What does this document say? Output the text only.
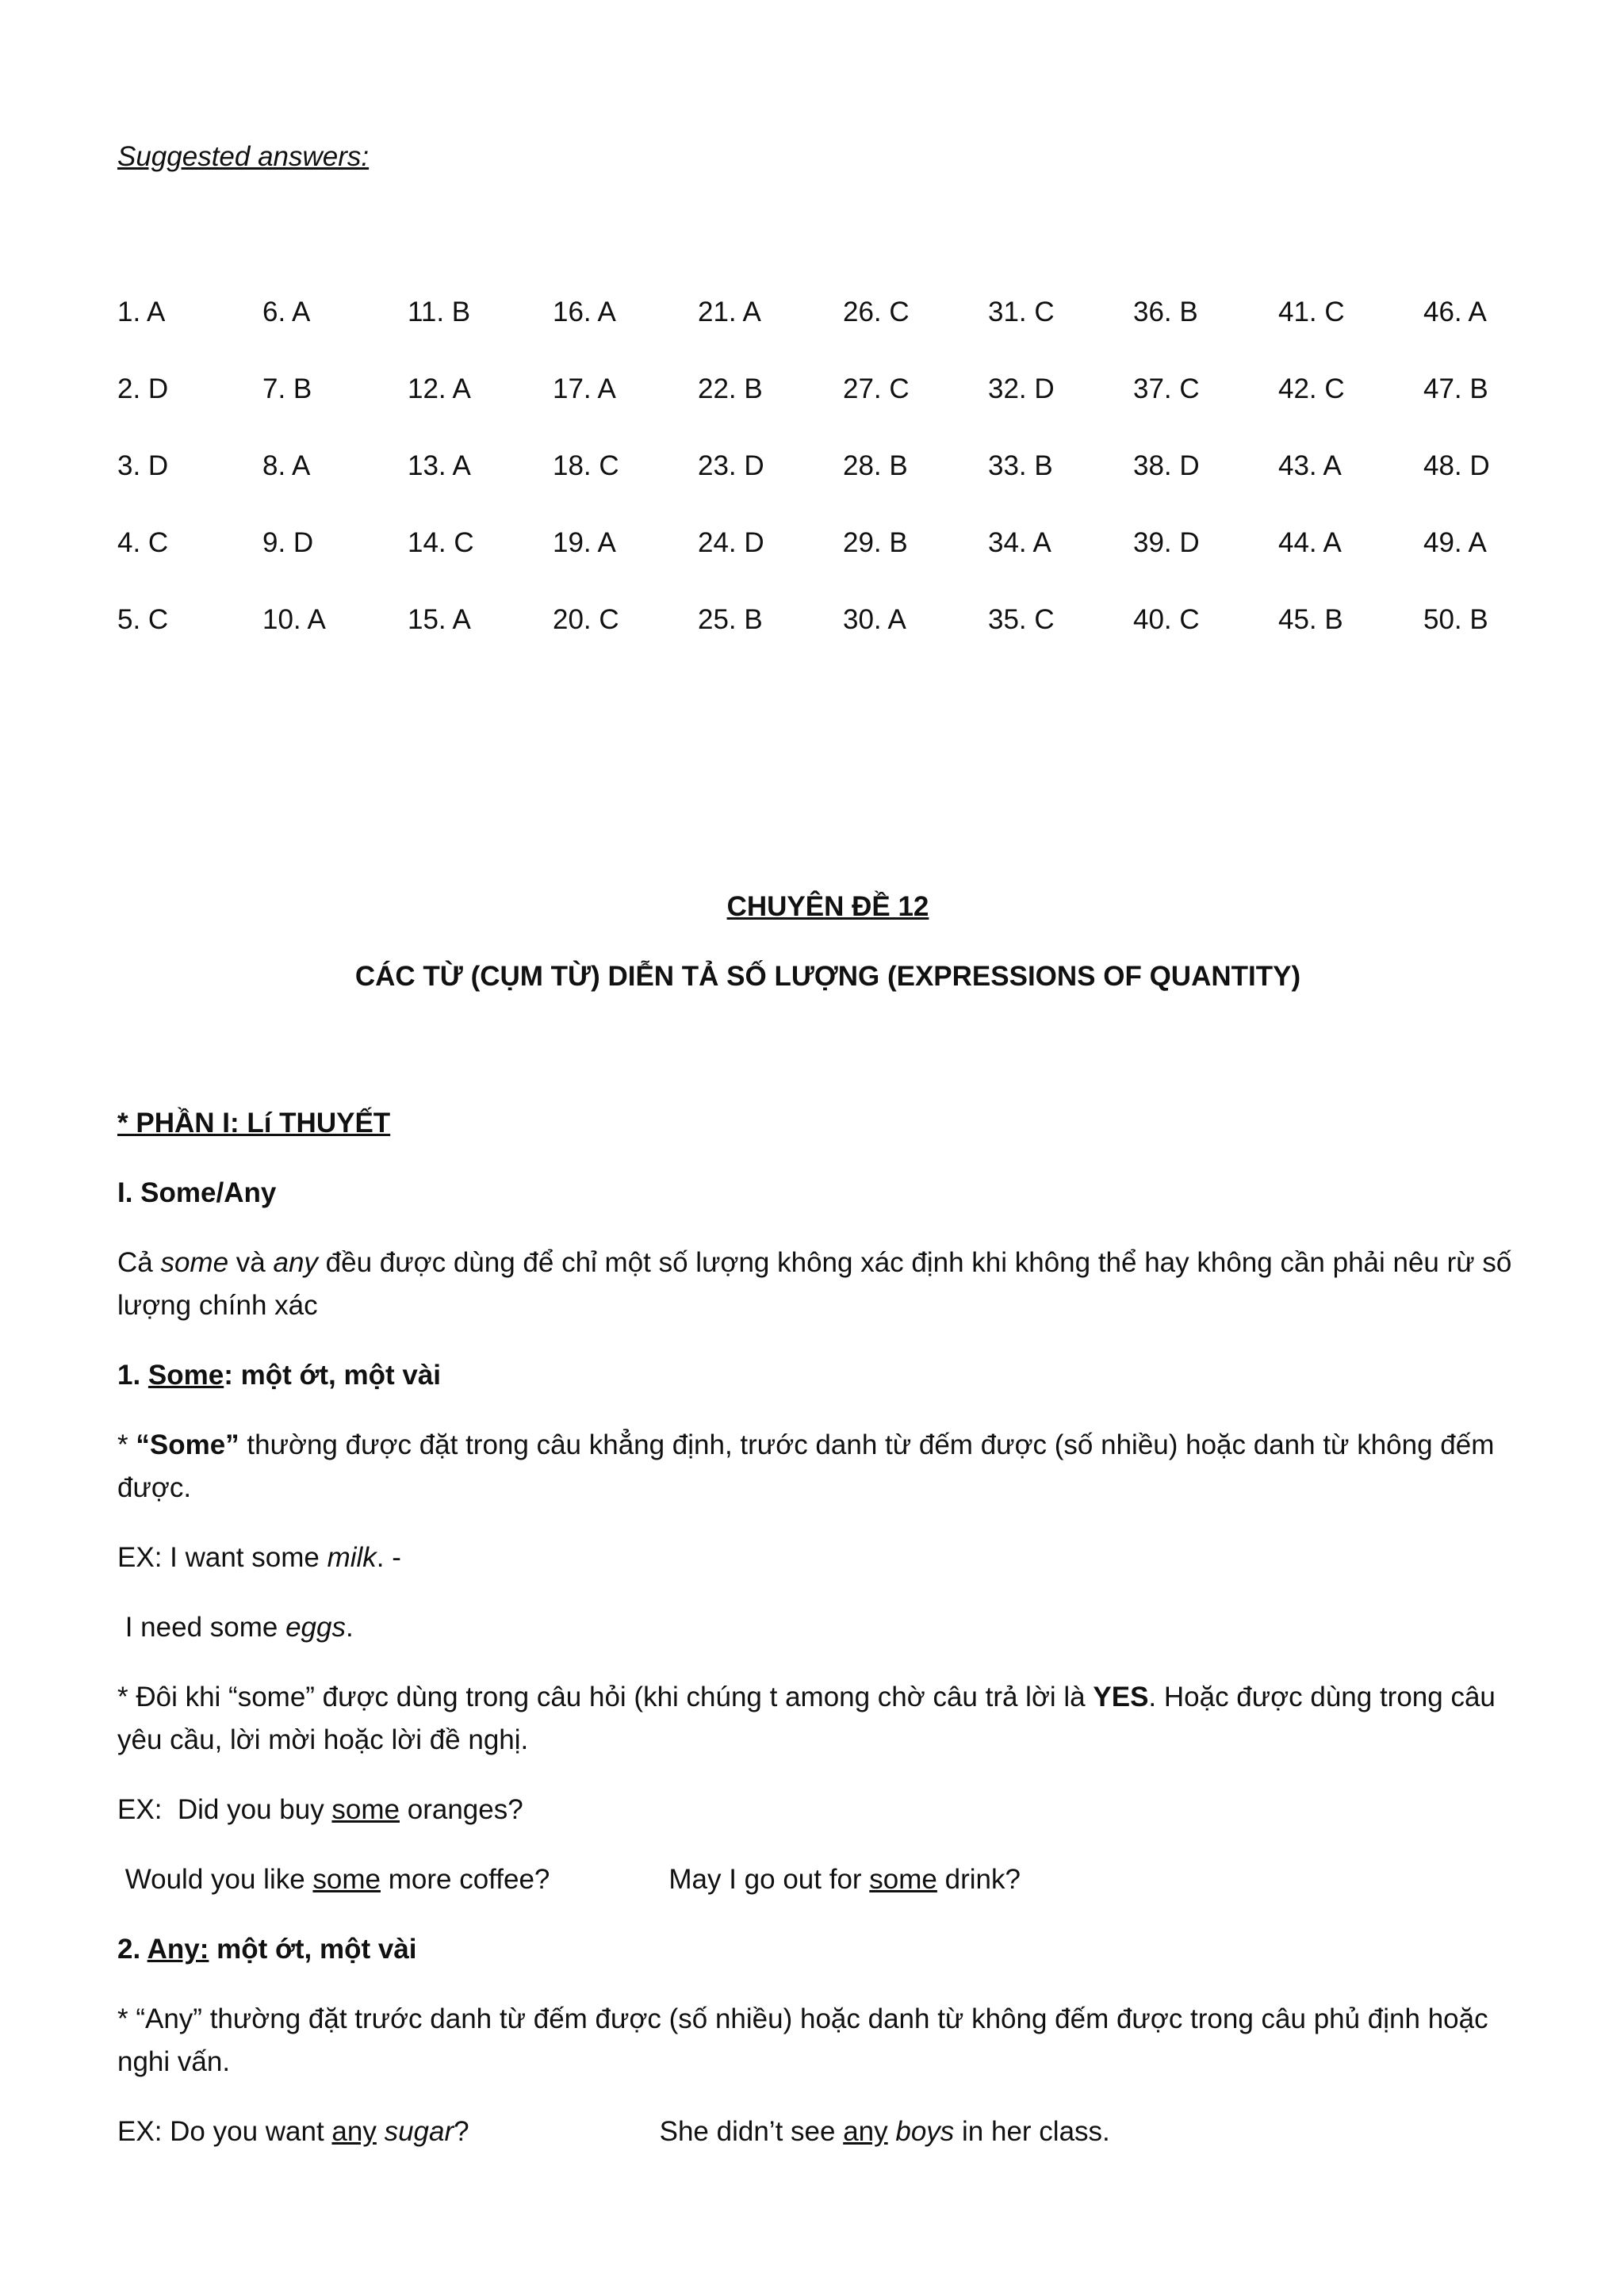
Suggested answers:
1. A	6. A	11. B	16. A	21. A	26. C	31. C	36. B	41. C	46. A
2. D	7. B	12. A	17. A	22. B	27. C	32. D	37. C	42. C	47. B
3. D	8. A	13. A	18. C	23. D	28. B	33. B	38. D	43. A	48. D
4. C	9. D	14. C	19. A	24. D	29. B	34. A	39. D	44. A	49. A
5. C	10. A	15. A	20. C	25. B	30. A	35. C	40. C	45. B	50. B
CHUYÊN ĐỀ 12
CÁC TỪ (CỤM TỪ) DIỄN TẢ SỐ LƯỢNG (EXPRESSIONS OF QUANTITY)

* PHẦN I: Lí THUYẾT

I. Some/Any

Cả some và any đều được dùng để chỉ một số lượng không xác định khi không thể hay không cần phải nêu rừ số lượng chính xác

1. Some: một ớt, một vài

* “Some” thường được đặt trong câu khẳng định, trước danh từ đếm được (số nhiều) hoặc danh từ không đếm được.

EX: I want some milk. -

I need some eggs.

* Đôi khi “some” được dùng trong câu hỏi (khi chúng t among chờ câu trả lời là YES. Hoặc được dùng trong câu yêu cầu, lời mời hoặc lời đề nghị.

EX:  Did you buy some oranges?

Would you like some more coffee?	May I go out for some drink?

2. Any: một ớt, một vài

* “Any” thường đặt trước danh từ đếm được (số nhiều) hoặc danh từ không đếm được trong câu phủ định hoặc nghi vấn.

EX: Do you want any sugar?	She didn’t see any boys in her class.
